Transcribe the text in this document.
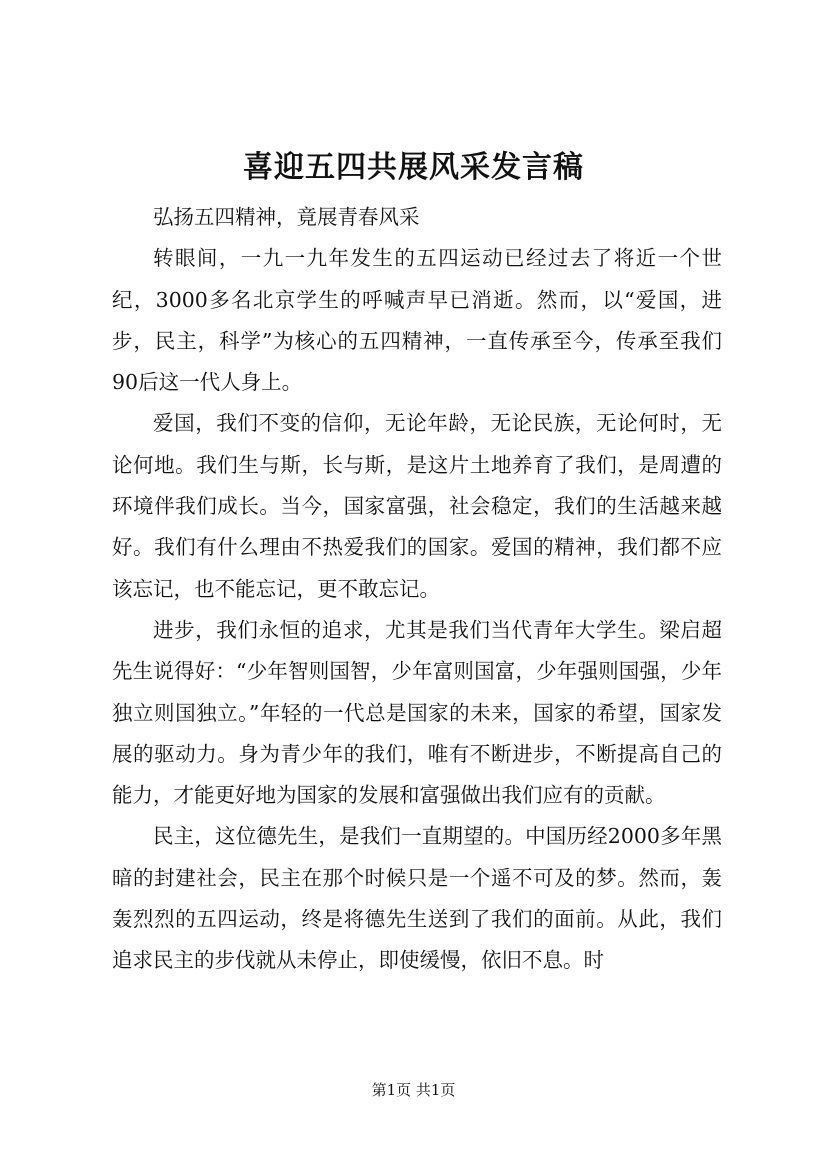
喜迎五四共展风采发言稿

弘扬五四精神，竟展青春风采

转眼间，一九一九年发生的五四运动已经过去了将近一个世纪，3000多名北京学生的呼喊声早已消逝。然而，以“爱国，进步，民主，科学”为核心的五四精神，一直传承至今，传承至我们90后这一代人身上。

爱国，我们不变的信仰，无论年龄，无论民族，无论何时，无论何地。我们生与斯，长与斯，是这片土地养育了我们，是周遭的环境伴我们成长。当今，国家富强，社会稳定，我们的生活越来越好。我们有什么理由不热爱我们的国家。爱国的精神，我们都不应该忘记，也不能忘记，更不敢忘记。

进步，我们永恒的追求，尤其是我们当代青年大学生。梁启超先生说得好：“少年智则国智，少年富则国富，少年强则国强，少年独立则国独立。”年轻的一代总是国家的未来，国家的希望，国家发展的驱动力。身为青少年的我们，唯有不断进步，不断提高自己的能力，才能更好地为国家的发展和富强做出我们应有的贡献。

民主，这位德先生，是我们一直期望的。中国历经2000多年黑暗的封建社会，民主在那个时候只是一个遥不可及的梦。然而，轰轰烈烈的五四运动，终是将德先生送到了我们的面前。从此，我们追求民主的步伐就从未停止，即使缓慢，依旧不息。时

第1页 共1页
